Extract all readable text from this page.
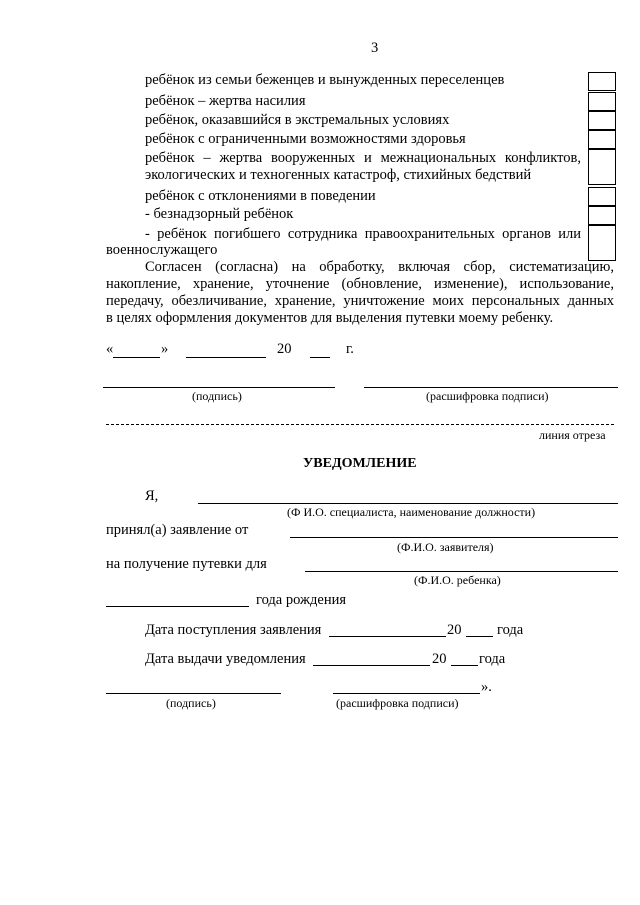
3
ребёнок из семьи беженцев и вынужденных переселенцев
ребёнок – жертва насилия
ребёнок, оказавшийся в экстремальных условиях
ребёнок с ограниченными возможностями здоровья
ребёнок – жертва вооруженных и межнациональных конфликтов,
экологических и техногенных катастроф, стихийных бедствий
ребёнок с отклонениями в поведении
- безнадзорный ребёнок
- ребёнок погибшего сотрудника правоохранительных органов или
военнослужащего
Согласен (согласна) на обработку, включая сбор, систематизацию,
накопление, хранение, уточнение (обновление, изменение), использование,
передачу, обезличивание, хранение, уничтожение моих персональных данных
в целях оформления документов для выделения путевки моему ребенку.
«	»	20	г.
(подпись)	(расшифровка подписи)
линия отреза
УВЕДОМЛЕНИЕ
Я,
(Ф И.О. специалиста, наименование должности)
принял(а) заявление от
(Ф.И.О. заявителя)
на получение путевки для
(Ф.И.О. ребенка)
года рождения
Дата поступления заявления	20 года
Дата выдачи уведомления	20 года
».
(подпись)	(расшифровка подписи)
